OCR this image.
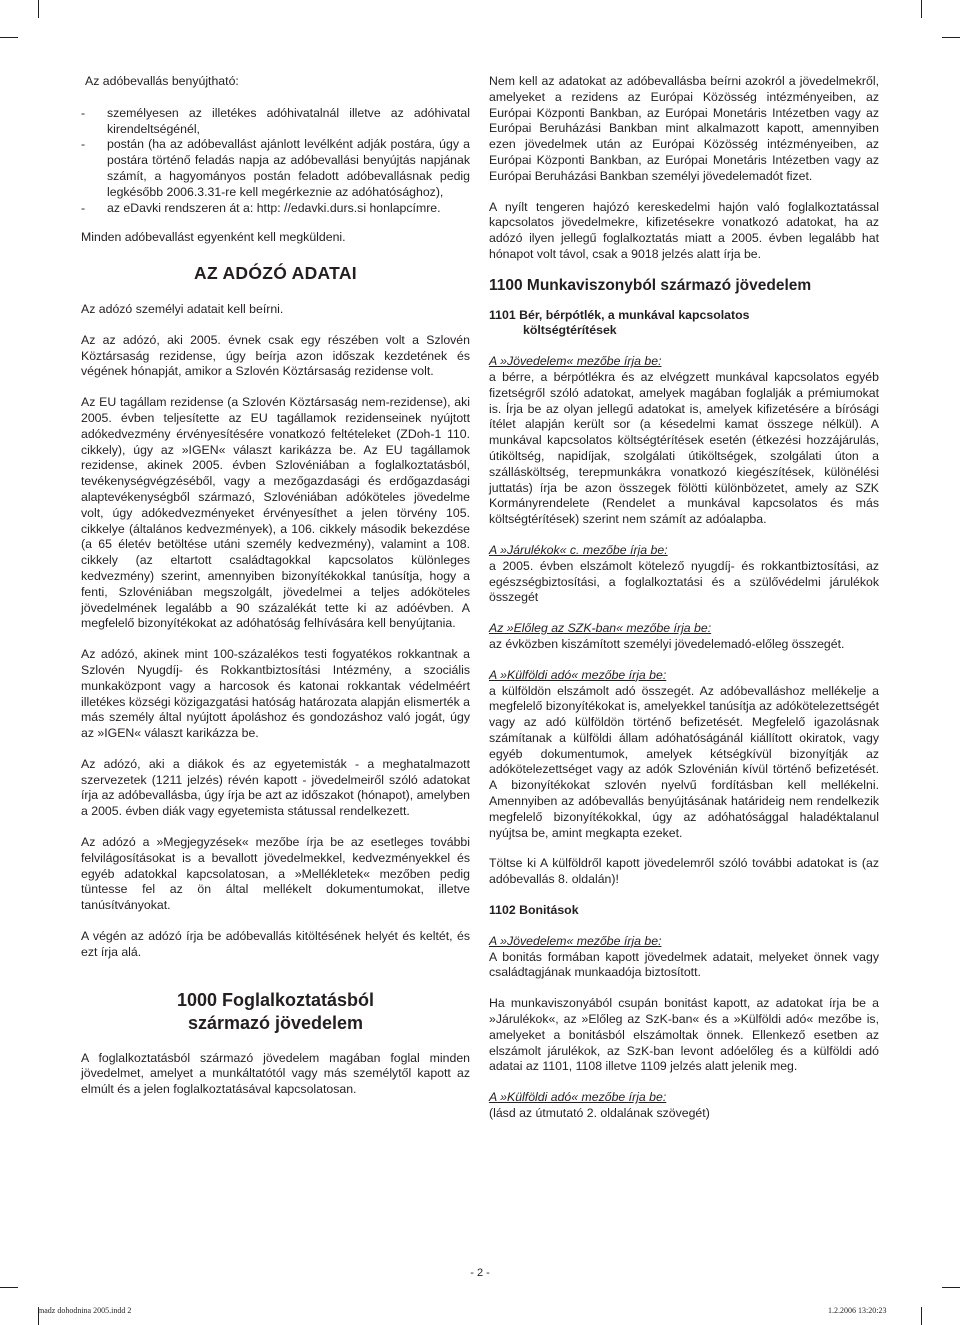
Az adóbevallás benyújtható:

- személyesen az illetékes adóhivatalnál illetve az adóhivatal kirendeltségénél,
- postán (ha az adóbevallást ajánlott levélként adják postára, úgy a postára történő feladás napja az adóbevallási benyújtás napjának számít, a hagyományos postán feladott adóbevallásnak pedig legkésőbb 2006.3.31-re kell megérkeznie az adóhatósághoz),
- az eDavki rendszeren át a: http: //edavki.durs.si honlapcímre.

Minden adóbevallást egyenként kell megküldeni.

AZ ADÓZÓ ADATAI

Az adózó személyi adatait kell beírni.

Az az adózó, aki 2005. évnek csak egy részében volt a Szlovén Köztársaság rezidense, úgy beírja azon időszak kezdetének és végének hónapját, amikor a Szlovén Köztársaság rezidense volt.

Az EU tagállam rezidense (a Szlovén Köztársaság nem-rezidense), aki 2005. évben teljesítette az EU tagállamok rezidenseinek nyújtott adókedvezmény érvényesítésére vonatkozó feltételeket (ZDoh-1 110. cikkely), úgy az »IGEN« választ karikázza be. Az EU tagállamok rezidense, akinek 2005. évben Szlovéniában a foglalkoztatásból, tevékenységvégzéséből, vagy a mezőgazdasági és erdőgazdasági alaptevékenységből származó, Szlovéniában adóköteles jövedelme volt, úgy adókedvezményeket érvényesíthet a jelen törvény 105. cikkelye (általános kedvezmények), a 106. cikkely második bekezdése (a 65 életév betöltése utáni személy kedvezmény), valamint a 108. cikkely (az eltartott családtagokkal kapcsolatos különleges kedvezmény) szerint, amennyiben bizonyítékokkal tanúsítja, hogy a fenti, Szlovéniában megszolgált, jövedelmei a teljes adóköteles jövedelmének legalább a 90 százalékát tette ki az adóévben. A megfelelő bizonyítékokat az adóhatóság felhívására kell benyújtania.

Az adózó, akinek mint 100-százalékos testi fogyatékos rokkantnak a Szlovén Nyugdíj- és Rokkantbiztosítási Intézmény, a szociális munkaközpont vagy a harcosok és katonai rokkantak védelméért illetékes községi közigazgatási hatóság határozata alapján elismerték a más személy által nyújtott ápoláshoz és gondozáshoz való jogát, úgy az »IGEN« választ karikázza be.

Az adózó, aki a diákok és az egyetemisták - a meghatalmazott szervezetek (1211 jelzés) révén kapott - jövedelmeiről szóló adatokat írja az adóbevallásba, úgy írja be azt az időszakot (hónapot), amelyben a 2005. évben diák vagy egyetemista státussal rendelkezett.

Az adózó a »Megjegyzések« mezőbe írja be az esetleges további felvilágosításokat is a bevallott jövedelmekkel, kedvezményekkel és egyéb adatokkal kapcsolatosan, a »Mellékletek« mezőben pedig tüntesse fel az ön által mellékelt dokumentumokat, illetve tanúsítványokat.

A végén az adózó írja be adóbevallás kitöltésének helyét és keltét, és ezt írja alá.

1000 Foglalkoztatásból származó jövedelem

A foglalkoztatásból származó jövedelem magában foglal minden jövedelmet, amelyet a munkáltatótól vagy más személytől kapott az elmúlt és a jelen foglalkoztatásával kapcsolatosan.

Nem kell az adatokat az adóbevallásba beírni azokról a jövedelmekről, amelyeket a rezidens az Európai Közösség intézményeiben, az Európai Központi Bankban, az Európai Monetáris Intézetben vagy az Európai Beruházási Bankban mint alkalmazott kapott, amennyiben ezen jövedelmek után az Európai Közösség intézményeiben, az Európai Központi Bankban, az Európai Monetáris Intézetben vagy az Európai Beruházási Bankban személyi jövedelemadót fizet.

A nyílt tengeren hajózó kereskedelmi hajón való foglalkoztatással kapcsolatos jövedelmekre, kifizetésekre vonatkozó adatokat, ha az adózó ilyen jellegű foglalkoztatás miatt a 2005. évben legalább hat hónapot volt távol, csak a 9018 jelzés alatt írja be.

1100 Munkaviszonyból származó jövedelem
1101 Bér, bérpótlék, a munkával kapcsolatos
költségtérítések

A »Jövedelem« mezőbe írja be:

a bérre, a bérpótlékra és az elvégzett munkával kapcsolatos egyéb fizetségről szóló adatokat, amelyek magában foglalják a prémiumokat is. Írja be az olyan jellegű adatokat is, amelyek kifizetésére a bírósági ítélet alapján került sor (a késedelmi kamat összege nélkül). A munkával kapcsolatos költségtérítések esetén (étkezési hozzájárulás, útiköltség, napidíjak, szolgálati útiköltségek, szolgálati úton a szállásköltség, terepmunkákra vonatkozó kiegészítések, különélési juttatás) írja be azon összegek fölötti különbözetet, amely az SZK Kormányrendelete (Rendelet a munkával kapcsolatos és más költségtérítések) szerint nem számít az adóalapba.

A »Járulékok« c. mezőbe írja be:

a 2005. évben elszámolt kötelező nyugdíj- és rokkantbiztosítási, az egészségbiztosítási, a foglalkoztatási és a szülővédelmi járulékok összegét

Az »Előleg az SZK-ban« mezőbe írja be:

az évközben kiszámított személyi jövedelemadó-előleg összegét.

A »Külföldi adó« mezőbe írja be:

a külföldön elszámolt adó összegét. Az adóbevalláshoz mellékelje a megfelelő bizonyítékokat is, amelyekkel tanúsítja az adókötelezettségét vagy az adó külföldön történő befizetését. Megfelelő igazolásnak számítanak a külföldi állam adóhatóságánál kiállított okiratok, vagy egyéb dokumentumok, amelyek kétségkívül bizonyítják az adókötelezettséget vagy az adók Szlovénián kívül történő befizetését. A bizonyítékokat szlovén nyelvű fordításban kell mellékelni. Amennyiben az adóbevallás benyújtásának határideig nem rendelkezik megfelelő bizonyítékokkal, úgy az adóhatósággal haladéktalanul nyújtsa be, amint megkapta ezeket.

Töltse ki A külföldről kapott jövedelemről szóló további adatokat is (az adóbevallás 8. oldalán)!

1102 Bonitások

A »Jövedelem« mezőbe írja be:

A bonitás formában kapott jövedelmek adatait, melyeket önnek vagy családtagjának munkaadója biztosított.

Ha munkaviszonyából csupán bonitást kapott, az adatokat írja be a »Járulékok«, az »Előleg az SzK-ban« és a »Külföldi adó« mezőbe is, amelyeket a bonitásból elszámoltak önnek. Ellenkező esetben az elszámolt járulékok, az SzK-ban levont adóelőleg és a külföldi adó adatai az 1101, 1108 illetve 1109 jelzés alatt jelenik meg.

A »Külföldi adó« mezőbe írja be:

(lásd az útmutató 2. oldalának szövegét)

- 2 -
madz dohodnina 2005.indd 2	1.2.2006 13:20:23
